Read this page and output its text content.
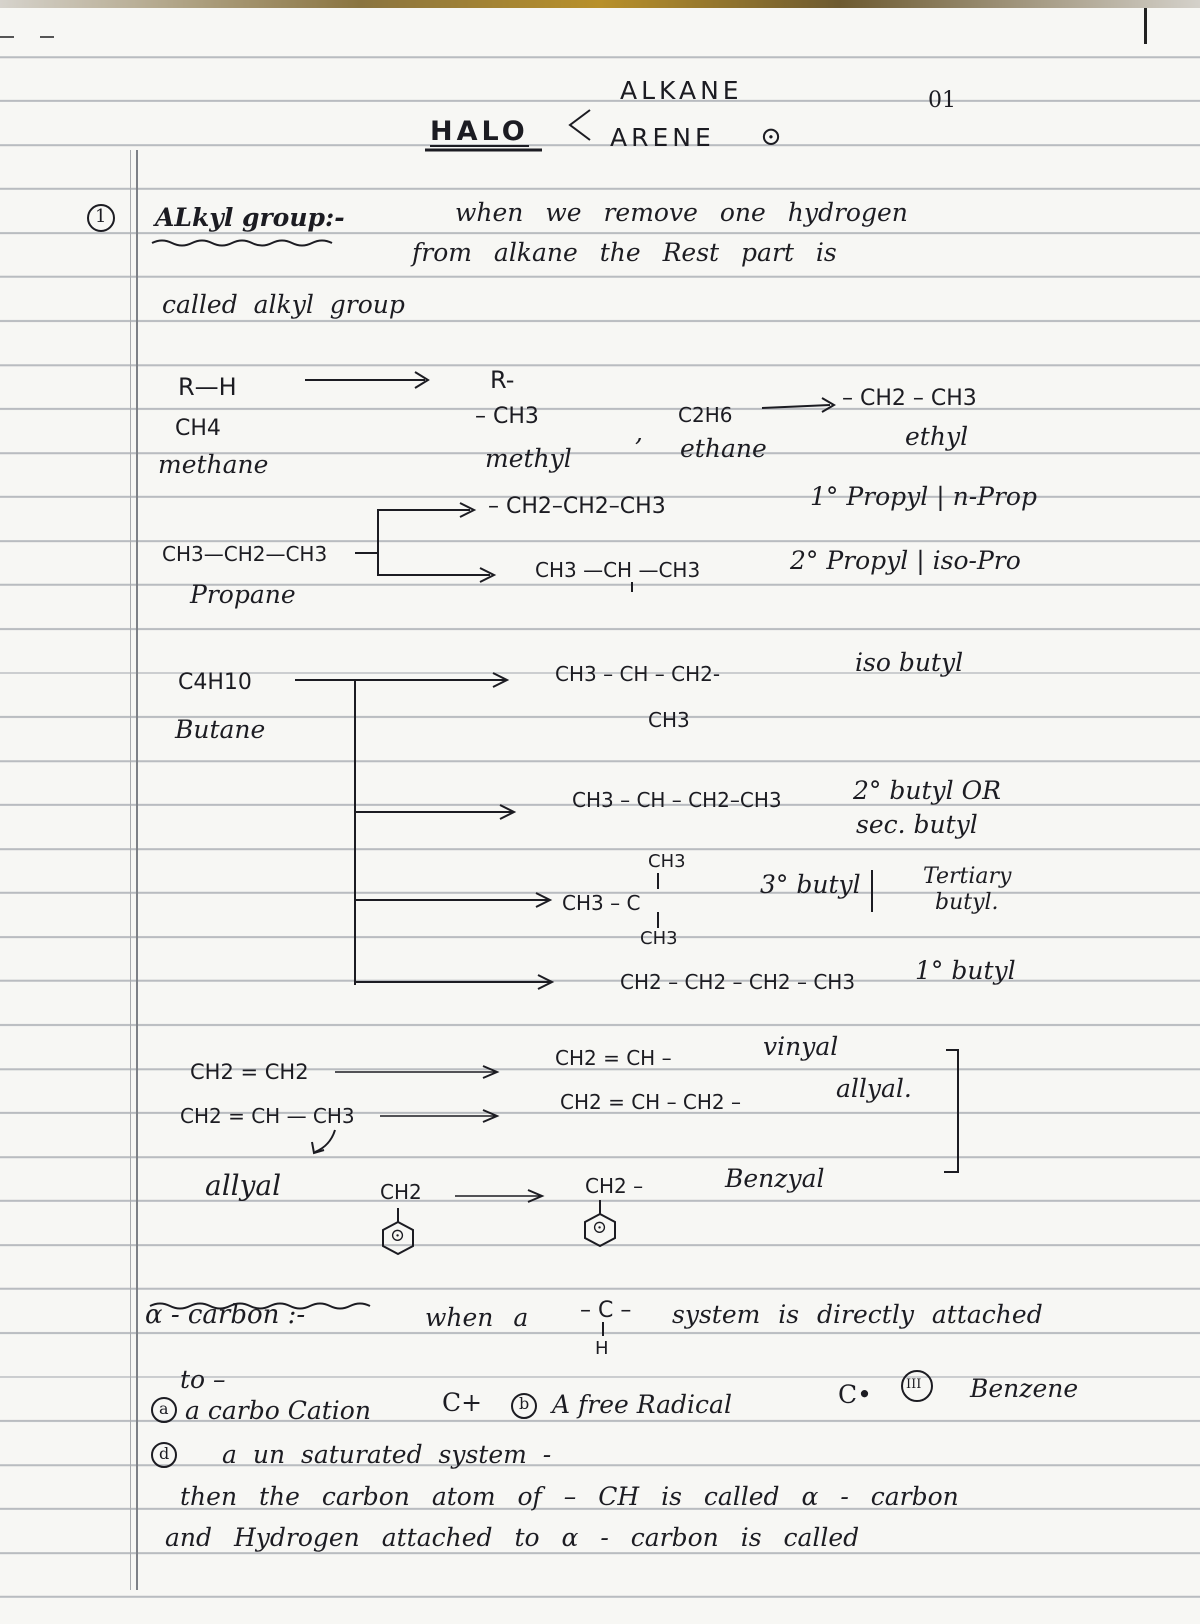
HALO
ALKANE
ARENE ⊙
01
1 ALkyl group:-	when we remove one hydrogen
from alkane the Rest part is
called alkyl group
R—H	R-
CH4
methane
– CH3
methyl
,
C2H6
– CH2 – CH3
ethane	ethyl
– CH2–CH2–CH3	1° Propyl | n-Prop
CH3—CH2—CH3
Propane
CH3 —CH —CH3	2° Propyl | iso-Pro
C4H10
Butane
CH3 – CH – CH2-
CH3
iso butyl
CH3 – CH – CH2–CH3	2° butyl OR
sec. butyl
CH3
CH3 – C
CH3
3° butyl	Tertiary
butyl.
CH2 – CH2 – CH2 – CH3 1° butyl
CH2 = CH2
CH2 = CH –	vinyal
CH2 = CH — CH3
CH2 = CH – CH2 –	allyal.
allyal	CH2	CH2 –
⊙	⊙
Benzyal
α - carbon :-	when a – C –
H
system is directly attached
to –
a a carbo Cation	C+ b A free Radical	C•	III Benzene
d a un saturated system -
then the carbon atom of – CH is called α - carbon
and Hydrogen attached to α - carbon is called
